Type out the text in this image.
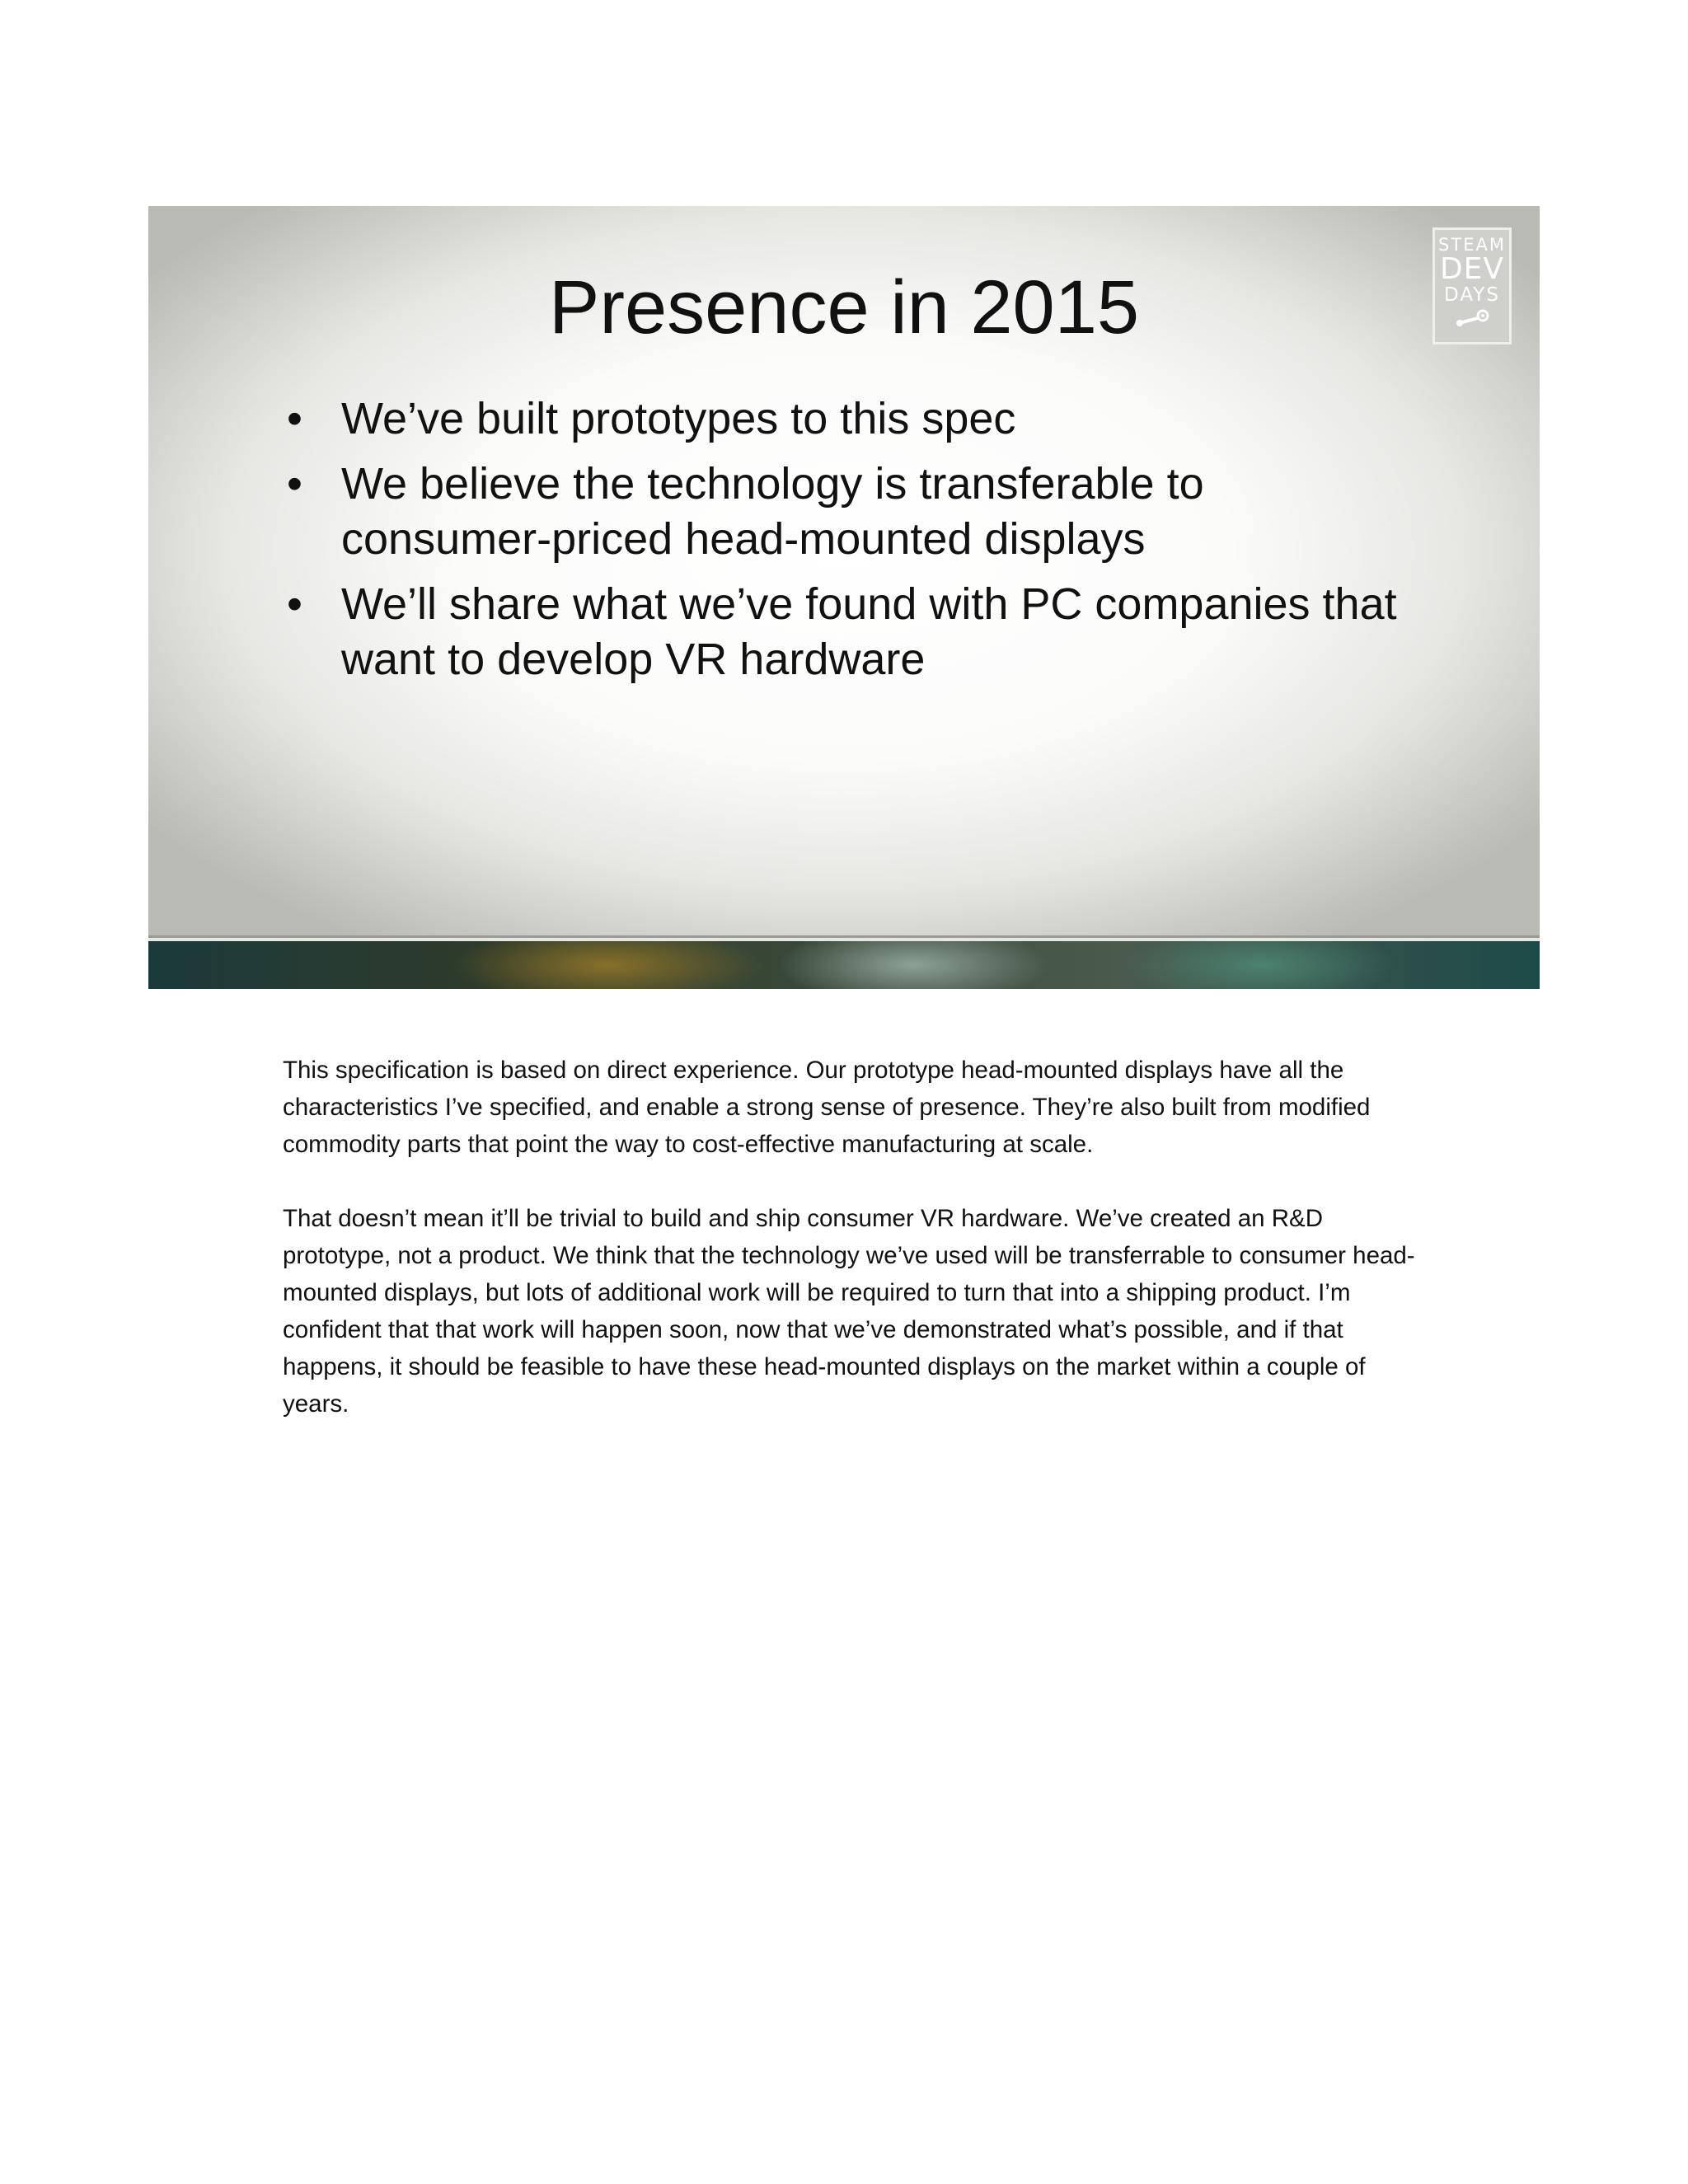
Presence in 2015
STEAM
DEV
DAYS
• We’ve built prototypes to this spec
• We believe the technology is transferable to consumer-priced head-mounted displays
• We’ll share what we’ve found with PC companies that want to develop VR hardware

This specification is based on direct experience. Our prototype head-mounted displays have all the characteristics I’ve specified, and enable a strong sense of presence. They’re also built from modified commodity parts that point the way to cost-effective manufacturing at scale.

That doesn’t mean it’ll be trivial to build and ship consumer VR hardware. We’ve created an R&D prototype, not a product. We think that the technology we’ve used will be transferrable to consumer head-mounted displays, but lots of additional work will be required to turn that into a shipping product. I’m confident that that work will happen soon, now that we’ve demonstrated what’s possible, and if that happens, it should be feasible to have these head-mounted displays on the market within a couple of years.
